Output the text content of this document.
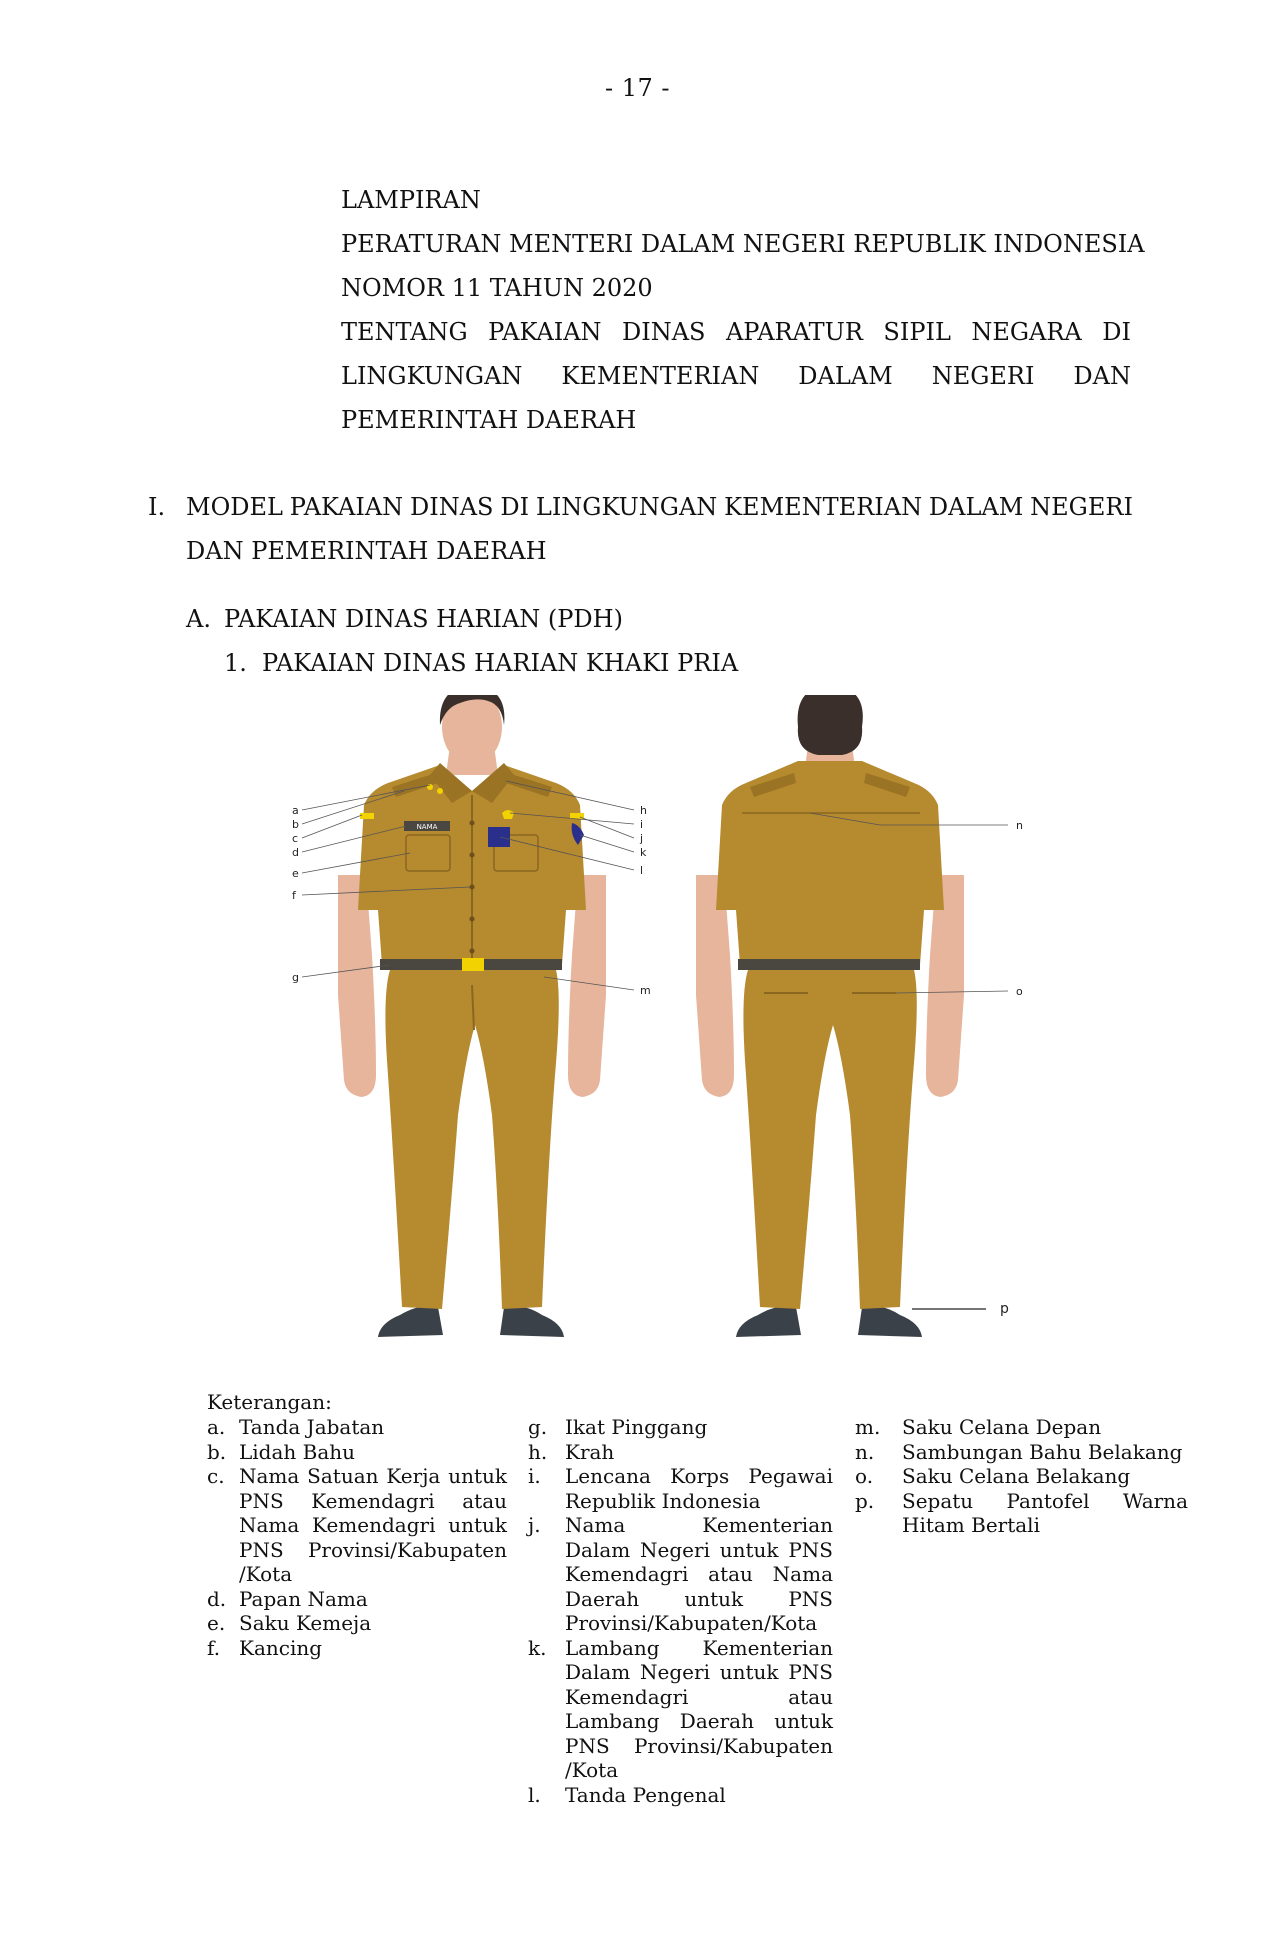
- 17 -
LAMPIRAN
PERATURAN MENTERI DALAM NEGERI REPUBLIK INDONESIA
NOMOR 11 TAHUN 2020
TENTANG PAKAIAN DINAS APARATUR SIPIL NEGARA DI
LINGKUNGAN KEMENTERIAN DALAM NEGERI DAN
PEMERINTAH DAERAH
I. MODEL PAKAIAN DINAS DI LINGKUNGAN KEMENTERIAN DALAM NEGERI
DAN PEMERINTAH DAERAH
A. PAKAIAN DINAS HARIAN (PDH)
1. PAKAIAN DINAS HARIAN KHAKI PRIA
NAMA
a
b
c
d
e
f
g
h
i
j
k
l
m
n
o
p
Keterangan:
a. Tanda Jabatan
b. Lidah Bahu
c. Nama Satuan Kerja untuk PNS Kemendagri atau Nama Kemendagri untuk PNS Provinsi/Kabupaten /Kota
d. Papan Nama
e. Saku Kemeja
f. Kancing
g. Ikat Pinggang
h. Krah
i.	Lencana Korps Pegawai Republik Indonesia
j.	Nama Kementerian Dalam Negeri untuk PNS Kemendagri atau Nama Daerah untuk PNS Provinsi/Kabupaten/Kota
k. Lambang Kementerian Dalam Negeri untuk PNS Kemendagri atau Lambang Daerah untuk PNS Provinsi/Kabupaten /Kota
l.	Tanda Pengenal
m.	Saku Celana Depan
n.	Sambungan Bahu Belakang
o.	Saku Celana Belakang
p.	Sepatu Pantofel Warna Hitam Bertali
